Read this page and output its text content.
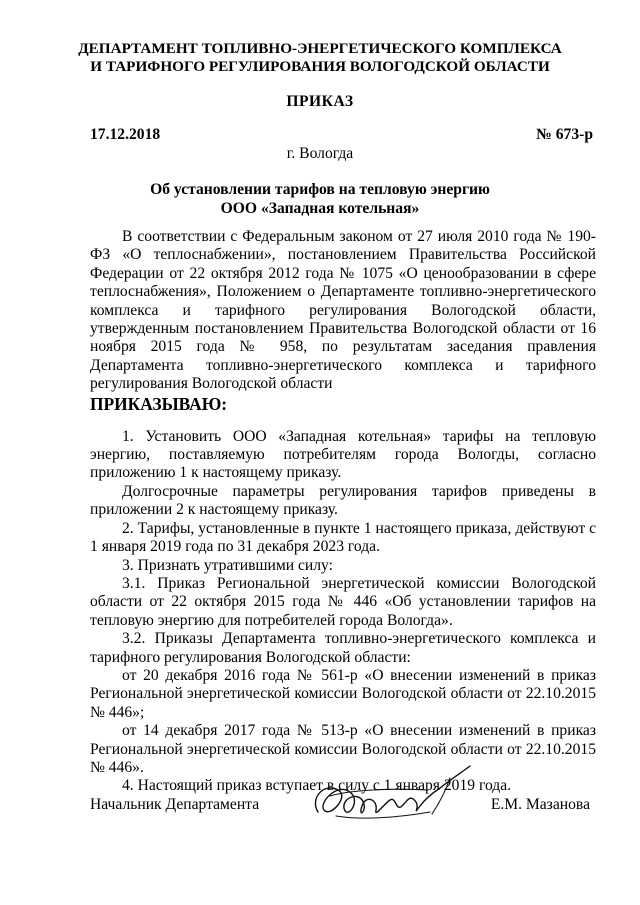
ДЕПАРТАМЕНТ ТОПЛИВНО-ЭНЕРГЕТИЧЕСКОГО КОМПЛЕКСА
И ТАРИФНОГО РЕГУЛИРОВАНИЯ ВОЛОГОДСКОЙ ОБЛАСТИ
ПРИКАЗ
17.12.2018	№ 673-р
г. Вологда
Об установлении тарифов на тепловую энергию
ООО «Западная котельная»

В соответствии с Федеральным законом от 27 июля 2010 года № 190-ФЗ «О теплоснабжении», постановлением Правительства Российской Федерации от 22 октября 2012 года № 1075 «О ценообразовании в сфере теплоснабжения», Положением о Департаменте топливно-энергетического комплекса и тарифного регулирования Вологодской области, утвержденным постановлением Правительства Вологодской области от 16 ноября 2015 года № 958, по результатам заседания правления Департамента топливно-энергетического комплекса и тарифного регулирования Вологодской области

ПРИКАЗЫВАЮ:

1. Установить ООО «Западная котельная» тарифы на тепловую энергию, поставляемую потребителям города Вологды, согласно приложению 1 к настоящему приказу.

Долгосрочные параметры регулирования тарифов приведены в приложении 2 к настоящему приказу.

2. Тарифы, установленные в пункте 1 настоящего приказа, действуют с 1 января 2019 года по 31 декабря 2023 года.

3. Признать утратившими силу:

3.1. Приказ Региональной энергетической комиссии Вологодской области от 22 октября 2015 года № 446 «Об установлении тарифов на тепловую энергию для потребителей города Вологда».

3.2. Приказы Департамента топливно-энергетического комплекса и тарифного регулирования Вологодской области:

от 20 декабря 2016 года № 561-р «О внесении изменений в приказ Региональной энергетической комиссии Вологодской области от 22.10.2015 № 446»;

от 14 декабря 2017 года № 513-р «О внесении изменений в приказ Региональной энергетической комиссии Вологодской области от 22.10.2015 № 446».

4. Настоящий приказ вступает в силу с 1 января 2019 года.

Начальник Департамента	Е.М. Мазанова
